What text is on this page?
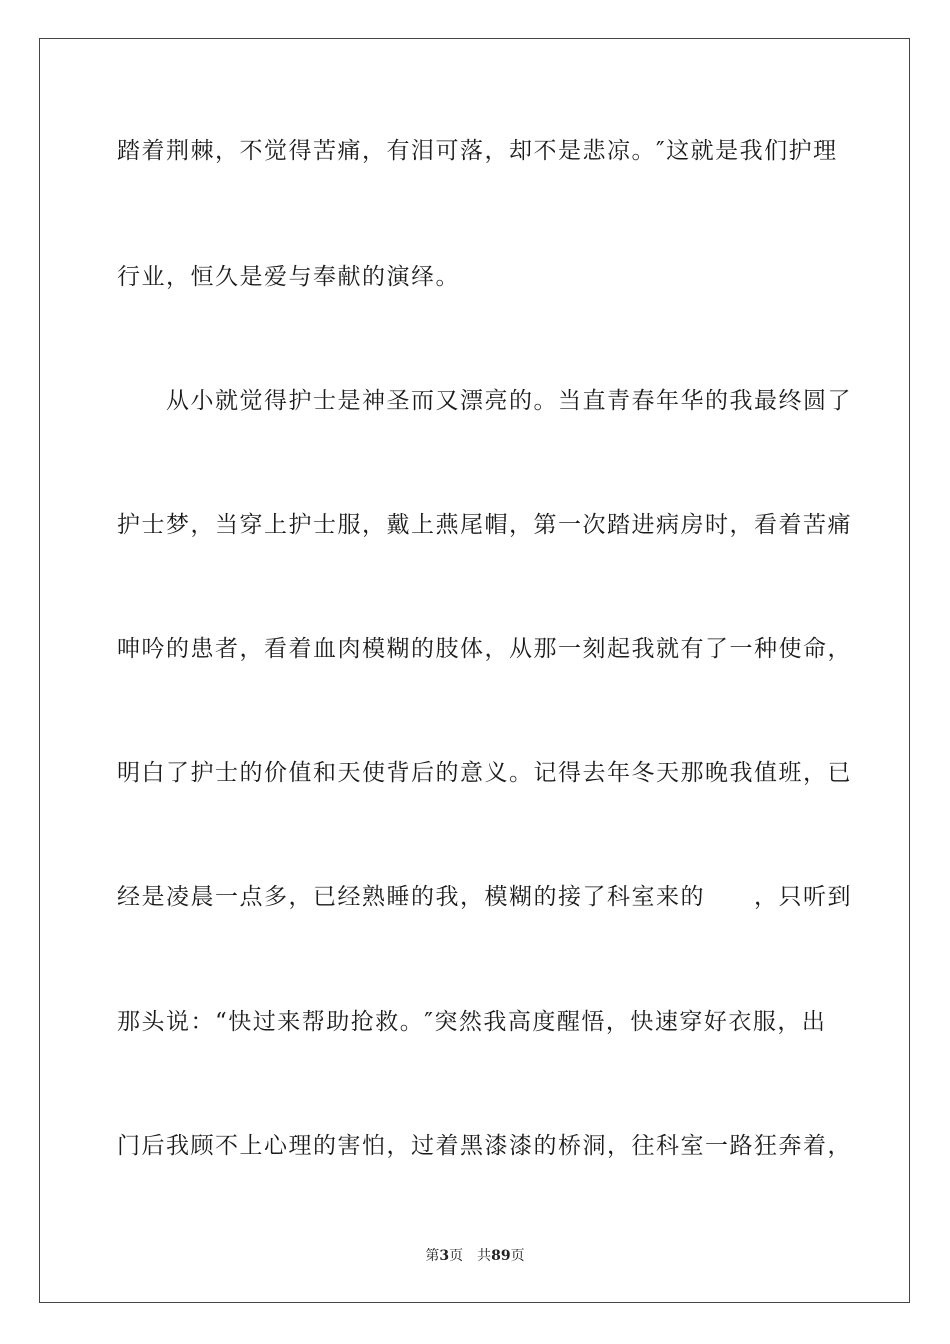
踏着荆棘，不觉得苦痛，有泪可落，却不是悲凉。″这就是我们护理
行业，恒久是爱与奉献的演绎。
　　从小就觉得护士是神圣而又漂亮的。当直青春年华的我最终圆了
护士梦，当穿上护士服，戴上燕尾帽，第一次踏进病房时，看着苦痛
呻吟的患者，看着血肉模糊的肢体，从那一刻起我就有了一种使命，
明白了护士的价值和天使背后的意义。记得去年冬天那晚我值班，已
经是凌晨一点多，已经熟睡的我，模糊的接了科室来的　　，只听到
那头说：“快过来帮助抢救。″突然我高度醒悟，快速穿好衣服，出
门后我顾不上心理的害怕，过着黑漆漆的桥洞，往科室一路狂奔着，
第3页 共89页
